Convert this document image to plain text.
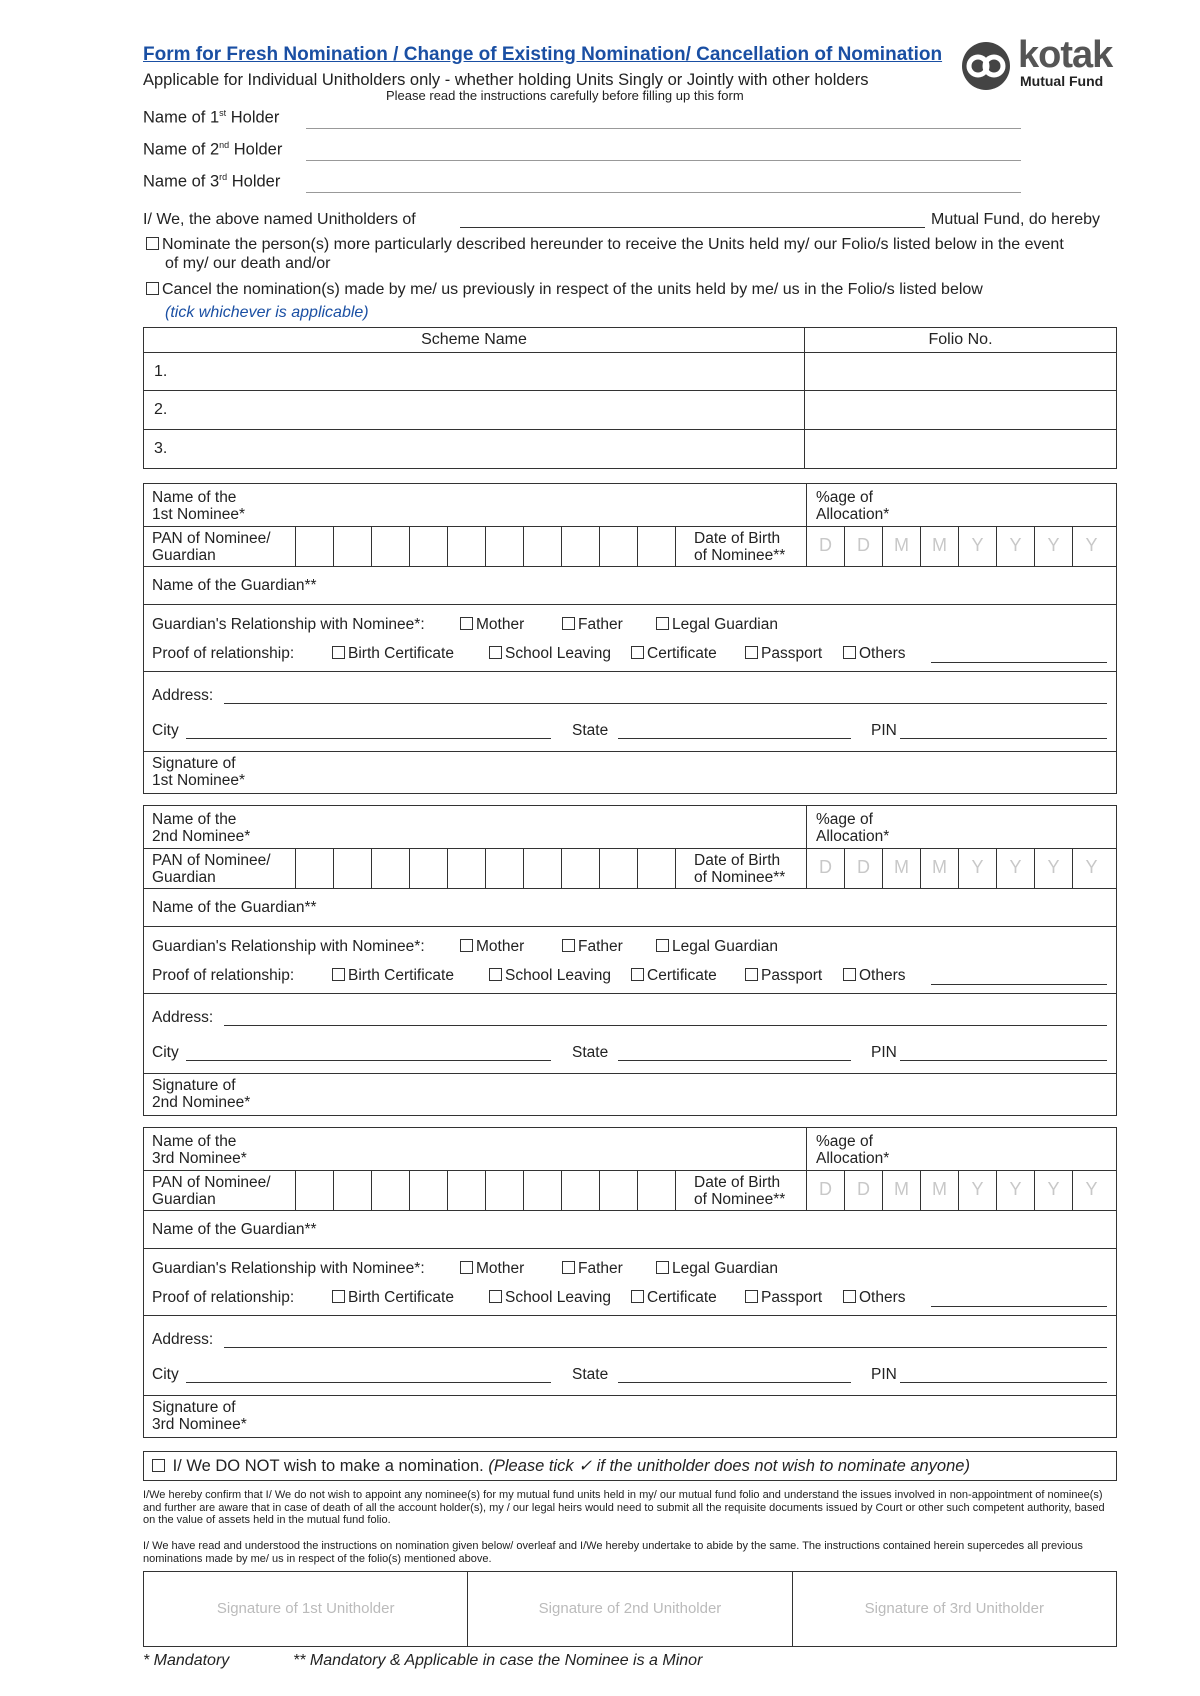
Form for Fresh Nomination / Change of Existing Nomination/ Cancellation of Nomination
Applicable for Individual Unitholders only - whether holding Units Singly or Jointly with other holders
Please read the instructions carefully before filling up this form
kotak
Mutual Fund
Name of 1st Holder
Name of 2nd Holder
Name of 3rd Holder
I/ We, the above named Unitholders of	Mutual Fund, do hereby
Nominate the person(s) more particularly described hereunder to receive the Units held my/ our Folio/s listed below in the event
of my/ our death and/or
Cancel the nomination(s) made by me/ us previously in respect of the units held by me/ us in the Folio/s listed below
(tick whichever is applicable)
Scheme Name	Folio No.
1.	
2.	
3.	
Name of the
1st Nominee*
%age of
Allocation*
PAN of Nominee/
Guardian
Date of Birth
of Nominee**
D	D	M	M	Y	Y	Y	Y
Name of the Guardian**
Guardian's Relationship with Nominee*:	Mother	Father	Legal Guardian
Proof of relationship:	Birth Certificate	School Leaving	Certificate	Passport	Others
Address:
City	State	PIN
Signature of
1st Nominee*
Name of the
2nd Nominee*
%age of
Allocation*
PAN of Nominee/
Guardian
Date of Birth
of Nominee**
D	D	M	M	Y	Y	Y	Y
Name of the Guardian**
Guardian's Relationship with Nominee*:	Mother	Father	Legal Guardian
Proof of relationship:	Birth Certificate	School Leaving	Certificate	Passport	Others
Address:
City	State	PIN
Signature of
2nd Nominee*
Name of the
3rd Nominee*
%age of
Allocation*
PAN of Nominee/
Guardian
Date of Birth
of Nominee**
D	D	M	M	Y	Y	Y	Y
Name of the Guardian**
Guardian's Relationship with Nominee*:	Mother	Father	Legal Guardian
Proof of relationship:	Birth Certificate	School Leaving	Certificate	Passport	Others
Address:
City	State	PIN
Signature of
3rd Nominee*
I/ We DO NOT wish to make a nomination. (Please tick ✓ if the unitholder does not wish to nominate anyone)
I/We hereby confirm that I/ We do not wish to appoint any nominee(s) for my mutual fund units held in my/ our mutual fund folio and understand the issues involved in non-appointment of nominee(s) and further are aware that in case of death of all the account holder(s), my / our legal heirs would need to submit all the requisite documents issued by Court or other such competent authority, based on the value of assets held in the mutual fund folio.
I/ We have read and understood the instructions on nomination given below/ overleaf and I/We hereby undertake to abide by the same. The instructions contained herein supercedes all previous nominations made by me/ us in respect of the folio(s) mentioned above.
Signature of 1st Unitholder	Signature of 2nd Unitholder	Signature of 3rd Unitholder
* Mandatory	** Mandatory & Applicable in case the Nominee is a Minor
